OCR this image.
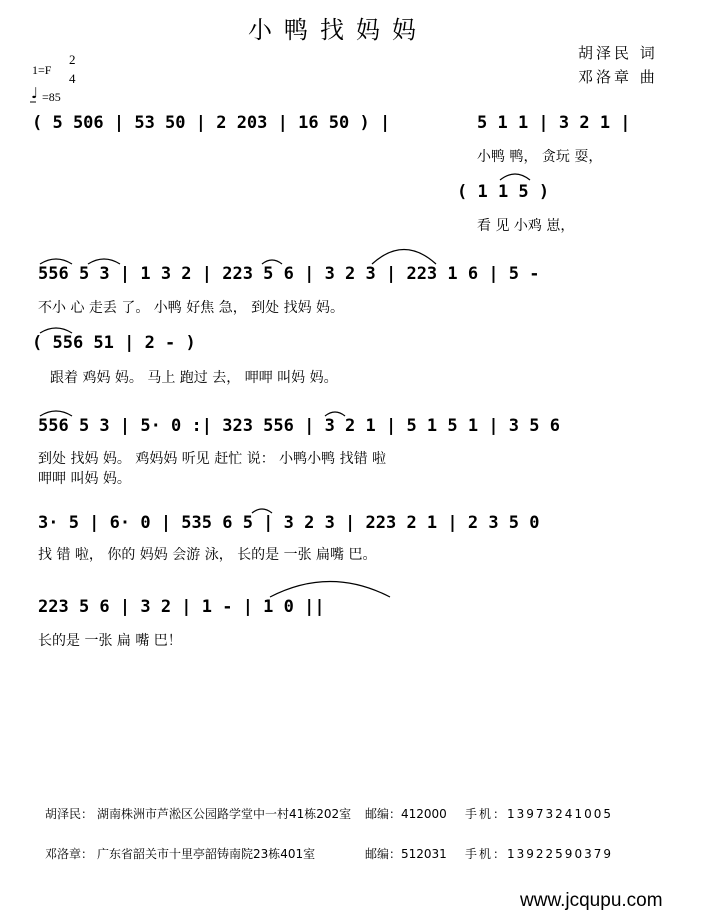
小鸭找妈妈
胡泽民 词
邓洛章 曲
1=F
2
4
♩ =85
( 5 506 | 53 50 | 2 203 | 16 50 ) |	5 1 1 | 3 2 1 |
小鸭 鸭， 贪玩 耍，
( 1 1 5 )
看 见 小鸡 崽，
556 5 3 | 1 3 2 | 223 5 6 | 3 2 3 | 223 1 6 | 5 -
不小 心 走丢 了。 小鸭 好焦 急， 到处 找妈 妈。
( 556 51 | 2 - )
跟着 鸡妈 妈。 马上 跑过 去， 呷呷 叫妈 妈。
556 5 3 | 5· 0 :| 323 556 | 3 2 1 | 5 1 5 1 | 3 5 6
到处 找妈 妈。 鸡妈妈 听见 赶忙 说： 小鸭小鸭 找错 啦
呷呷 叫妈 妈。
3· 5 | 6· 0 | 535 6 5 | 3 2 3 | 223 2 1 | 2 3 5 0
找 错 啦， 你的 妈妈 会游 泳， 长的是 一张 扁嘴 巴。
223 5 6 | 3 2 | 1 - | 1 0 ||
长的是 一张 扁 嘴 巴！
胡泽民： 湖南株洲市芦淞区公园路学堂中一村41栋202室 邮编：412000 手机：13973241005
邓洛章： 广东省韶关市十里亭韶铸南院23栋401室	邮编：512031 手机：13922590379
www.jcqupu.com
